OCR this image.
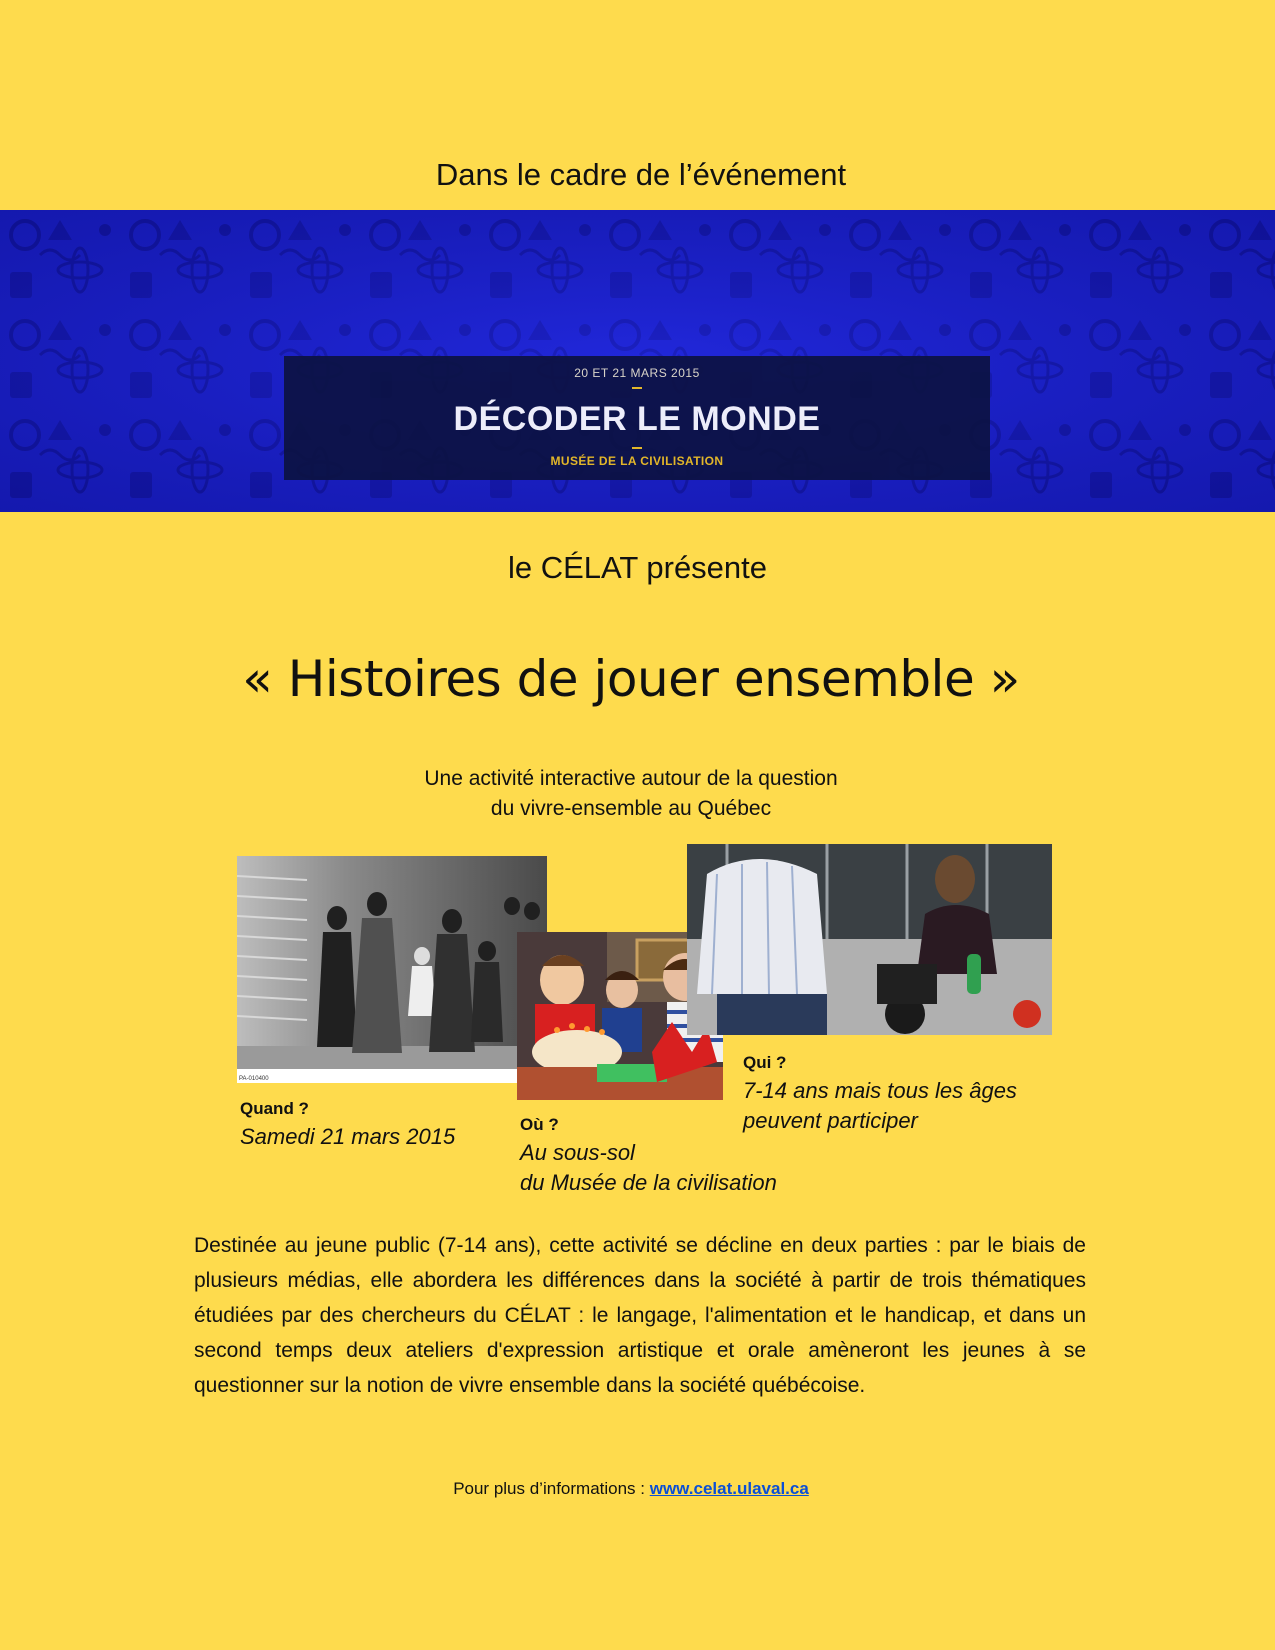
Dans le cadre de l’événement
20 ET 21 MARS 2015
DÉCODER LE MONDE
MUSÉE DE LA CIVILISATION
le CÉLAT présente
« Histoires de jouer ensemble »
Une activité interactive autour de la question
du vivre-ensemble au Québec
PA-010400
Quand ?
Samedi 21 mars 2015	Où ?
Au sous-sol
du Musée de la civilisation
Qui ?
7-14 ans mais tous les âges
peuvent participer
Destinée au jeune public (7-14 ans), cette activité se décline en deux parties : par le biais de plusieurs médias, elle abordera les différences dans la société à partir de trois thématiques étudiées par des chercheurs du CÉLAT : le langage, l'alimentation et le handicap, et dans un second temps deux ateliers d'expression artistique et orale amèneront les jeunes à se questionner sur la notion de vivre ensemble dans la société québécoise.
Pour plus d’informations : www.celat.ulaval.ca
